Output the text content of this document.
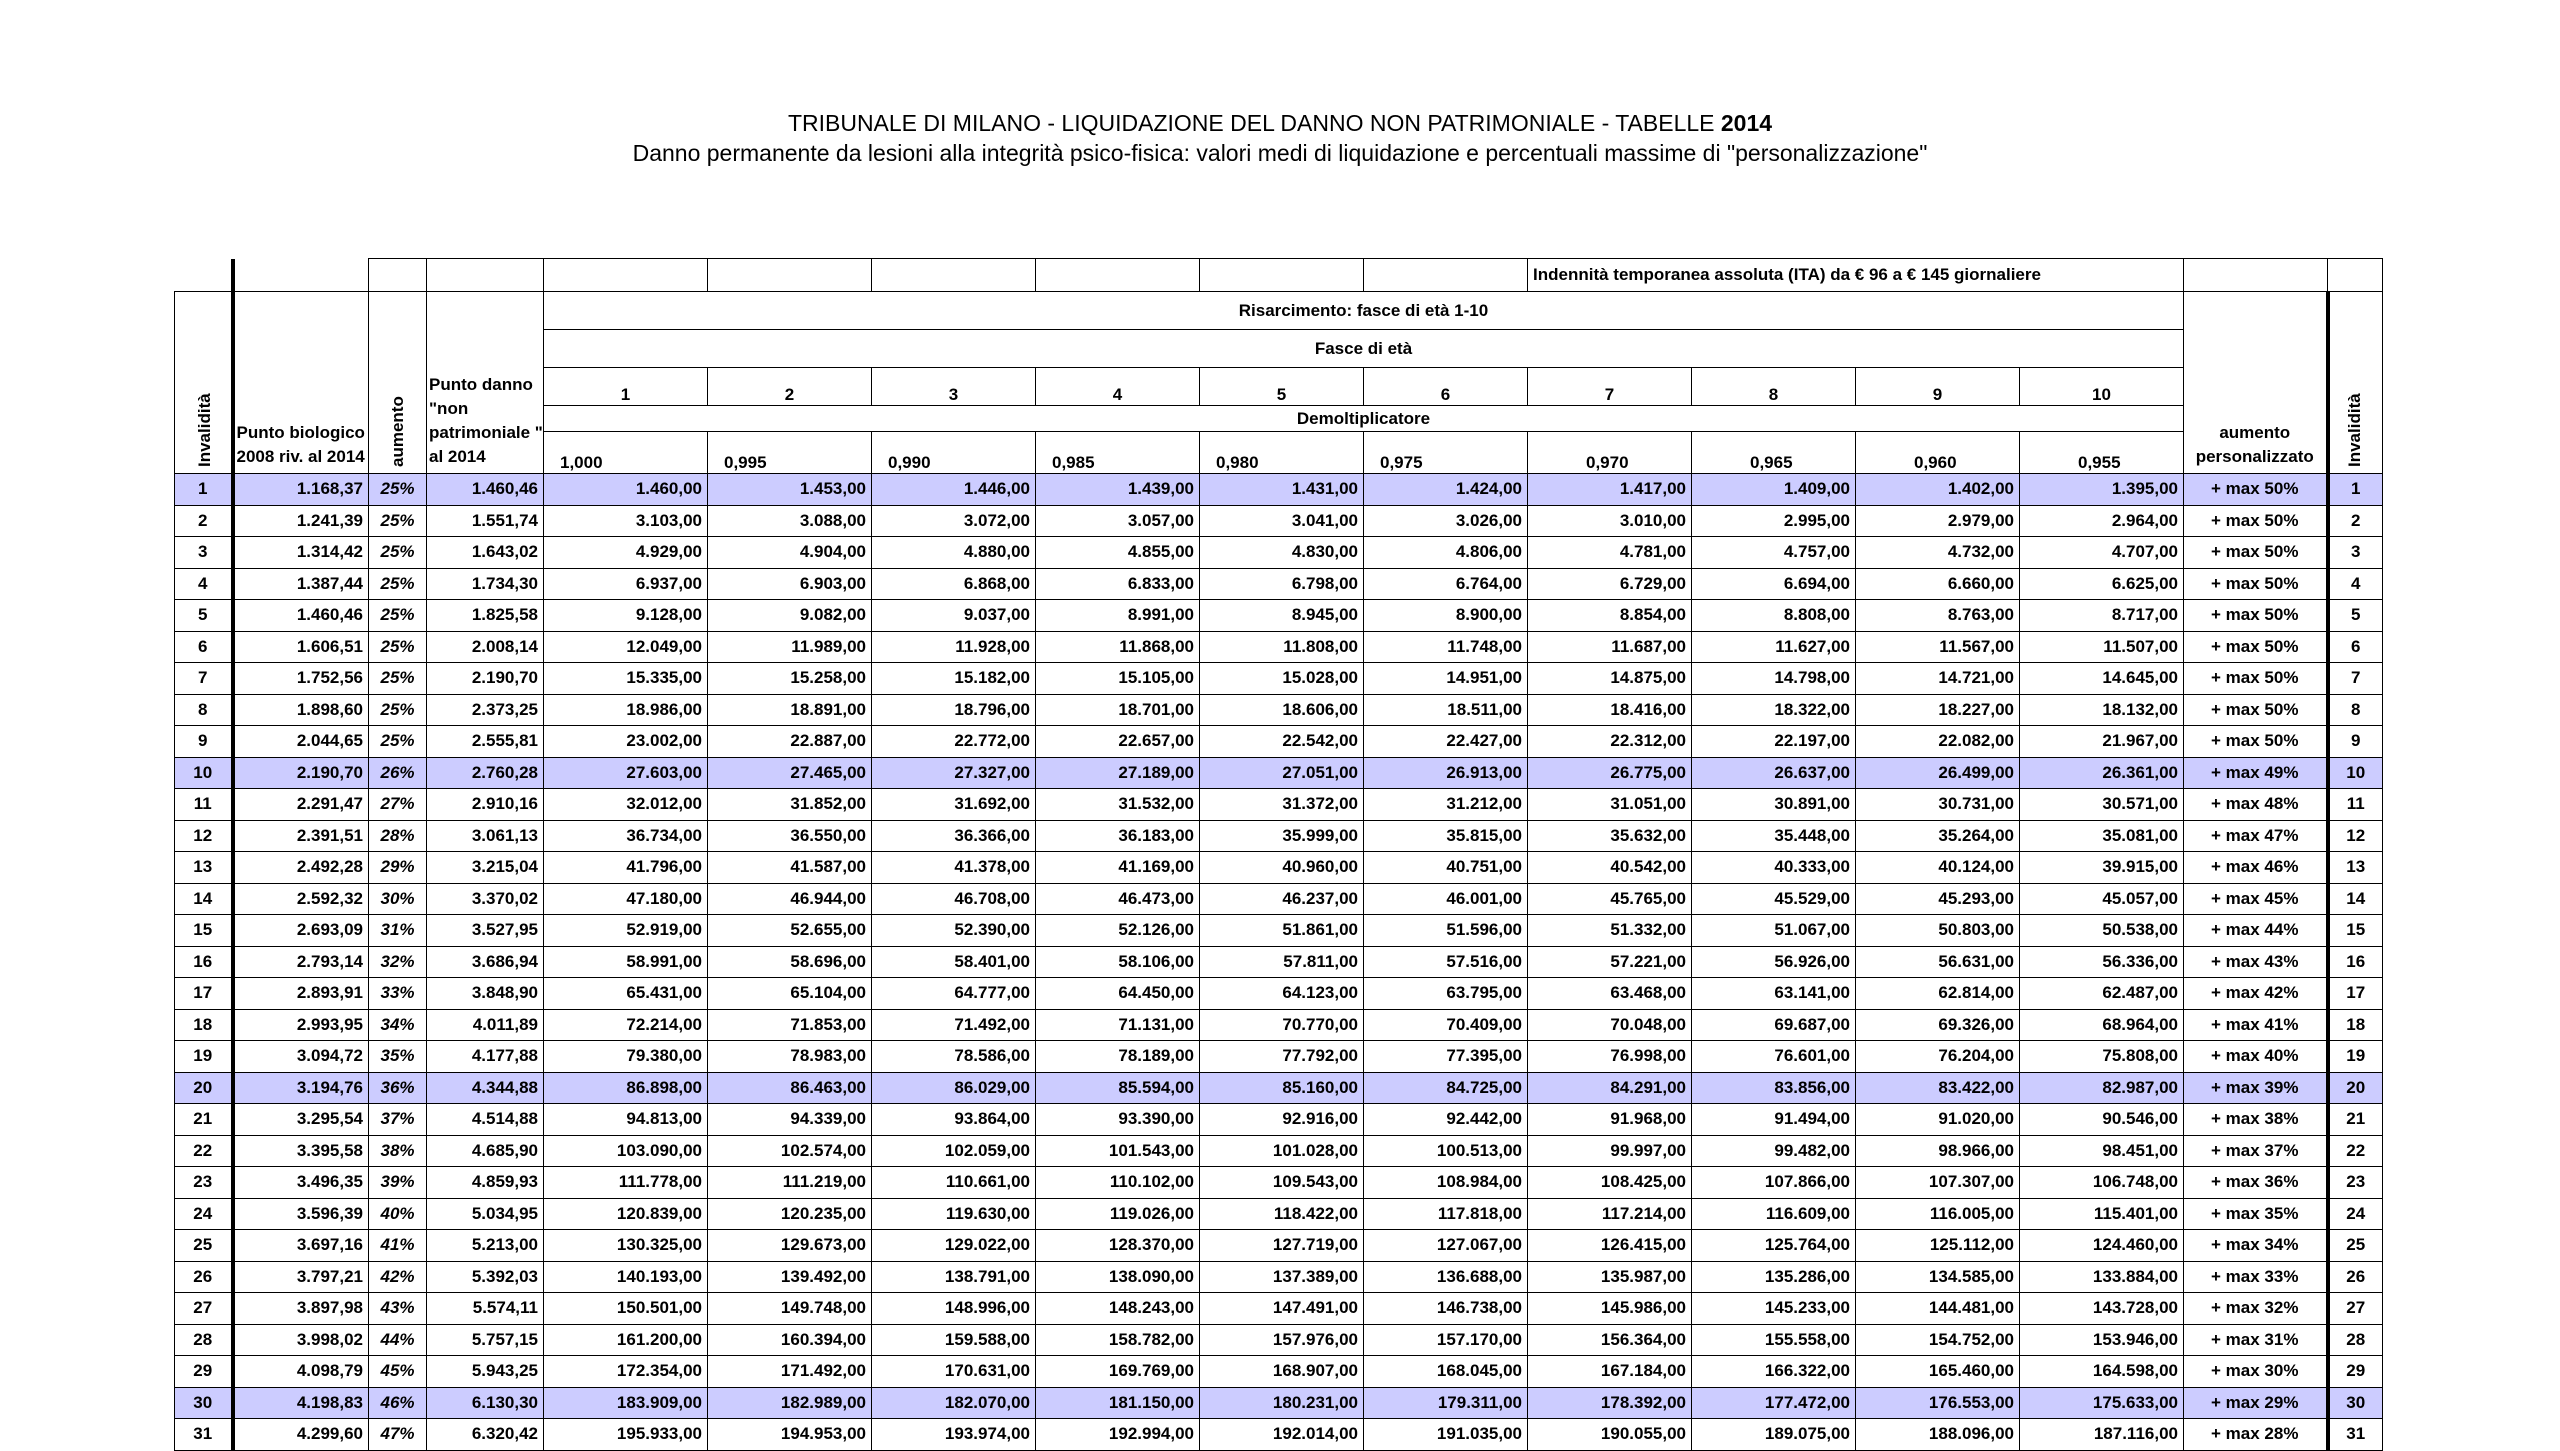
TRIBUNALE DI MILANO - LIQUIDAZIONE DEL DANNO NON PATRIMONIALE - TABELLE 2014
Danno permanente da lesioni alla integrità psico-fisica: valori medi di liquidazione e percentuali massime di "personalizzazione"
										Indennità temporanea assoluta (ITA) da € 96 a € 145 giornaliere					
Invalidità	Punto biologico 2008 riv. al 2014	aumento	Punto danno "non patrimoniale " al 2014	Risarcimento: fasce di età 1-10										aumento personalizzato	Invalidità
				Fasce di età											
				1	2	3	4	5	6	7	8	9	10		
				Demoltiplicatore											
				1,000	0,995	0,990	0,985	0,980	0,975	0,970	0,965	0,960	0,955		
1	1.168,37	25%	1.460,46	1.460,00	1.453,00	1.446,00	1.439,00	1.431,00	1.424,00	1.417,00	1.409,00	1.402,00	1.395,00	+ max 50%	1
2	1.241,39	25%	1.551,74	3.103,00	3.088,00	3.072,00	3.057,00	3.041,00	3.026,00	3.010,00	2.995,00	2.979,00	2.964,00	+ max 50%	2
3	1.314,42	25%	1.643,02	4.929,00	4.904,00	4.880,00	4.855,00	4.830,00	4.806,00	4.781,00	4.757,00	4.732,00	4.707,00	+ max 50%	3
4	1.387,44	25%	1.734,30	6.937,00	6.903,00	6.868,00	6.833,00	6.798,00	6.764,00	6.729,00	6.694,00	6.660,00	6.625,00	+ max 50%	4
5	1.460,46	25%	1.825,58	9.128,00	9.082,00	9.037,00	8.991,00	8.945,00	8.900,00	8.854,00	8.808,00	8.763,00	8.717,00	+ max 50%	5
6	1.606,51	25%	2.008,14	12.049,00	11.989,00	11.928,00	11.868,00	11.808,00	11.748,00	11.687,00	11.627,00	11.567,00	11.507,00	+ max 50%	6
7	1.752,56	25%	2.190,70	15.335,00	15.258,00	15.182,00	15.105,00	15.028,00	14.951,00	14.875,00	14.798,00	14.721,00	14.645,00	+ max 50%	7
8	1.898,60	25%	2.373,25	18.986,00	18.891,00	18.796,00	18.701,00	18.606,00	18.511,00	18.416,00	18.322,00	18.227,00	18.132,00	+ max 50%	8
9	2.044,65	25%	2.555,81	23.002,00	22.887,00	22.772,00	22.657,00	22.542,00	22.427,00	22.312,00	22.197,00	22.082,00	21.967,00	+ max 50%	9
10	2.190,70	26%	2.760,28	27.603,00	27.465,00	27.327,00	27.189,00	27.051,00	26.913,00	26.775,00	26.637,00	26.499,00	26.361,00	+ max 49%	10
11	2.291,47	27%	2.910,16	32.012,00	31.852,00	31.692,00	31.532,00	31.372,00	31.212,00	31.051,00	30.891,00	30.731,00	30.571,00	+ max 48%	11
12	2.391,51	28%	3.061,13	36.734,00	36.550,00	36.366,00	36.183,00	35.999,00	35.815,00	35.632,00	35.448,00	35.264,00	35.081,00	+ max 47%	12
13	2.492,28	29%	3.215,04	41.796,00	41.587,00	41.378,00	41.169,00	40.960,00	40.751,00	40.542,00	40.333,00	40.124,00	39.915,00	+ max 46%	13
14	2.592,32	30%	3.370,02	47.180,00	46.944,00	46.708,00	46.473,00	46.237,00	46.001,00	45.765,00	45.529,00	45.293,00	45.057,00	+ max 45%	14
15	2.693,09	31%	3.527,95	52.919,00	52.655,00	52.390,00	52.126,00	51.861,00	51.596,00	51.332,00	51.067,00	50.803,00	50.538,00	+ max 44%	15
16	2.793,14	32%	3.686,94	58.991,00	58.696,00	58.401,00	58.106,00	57.811,00	57.516,00	57.221,00	56.926,00	56.631,00	56.336,00	+ max 43%	16
17	2.893,91	33%	3.848,90	65.431,00	65.104,00	64.777,00	64.450,00	64.123,00	63.795,00	63.468,00	63.141,00	62.814,00	62.487,00	+ max 42%	17
18	2.993,95	34%	4.011,89	72.214,00	71.853,00	71.492,00	71.131,00	70.770,00	70.409,00	70.048,00	69.687,00	69.326,00	68.964,00	+ max 41%	18
19	3.094,72	35%	4.177,88	79.380,00	78.983,00	78.586,00	78.189,00	77.792,00	77.395,00	76.998,00	76.601,00	76.204,00	75.808,00	+ max 40%	19
20	3.194,76	36%	4.344,88	86.898,00	86.463,00	86.029,00	85.594,00	85.160,00	84.725,00	84.291,00	83.856,00	83.422,00	82.987,00	+ max 39%	20
21	3.295,54	37%	4.514,88	94.813,00	94.339,00	93.864,00	93.390,00	92.916,00	92.442,00	91.968,00	91.494,00	91.020,00	90.546,00	+ max 38%	21
22	3.395,58	38%	4.685,90	103.090,00	102.574,00	102.059,00	101.543,00	101.028,00	100.513,00	99.997,00	99.482,00	98.966,00	98.451,00	+ max 37%	22
23	3.496,35	39%	4.859,93	111.778,00	111.219,00	110.661,00	110.102,00	109.543,00	108.984,00	108.425,00	107.866,00	107.307,00	106.748,00	+ max 36%	23
24	3.596,39	40%	5.034,95	120.839,00	120.235,00	119.630,00	119.026,00	118.422,00	117.818,00	117.214,00	116.609,00	116.005,00	115.401,00	+ max 35%	24
25	3.697,16	41%	5.213,00	130.325,00	129.673,00	129.022,00	128.370,00	127.719,00	127.067,00	126.415,00	125.764,00	125.112,00	124.460,00	+ max 34%	25
26	3.797,21	42%	5.392,03	140.193,00	139.492,00	138.791,00	138.090,00	137.389,00	136.688,00	135.987,00	135.286,00	134.585,00	133.884,00	+ max 33%	26
27	3.897,98	43%	5.574,11	150.501,00	149.748,00	148.996,00	148.243,00	147.491,00	146.738,00	145.986,00	145.233,00	144.481,00	143.728,00	+ max 32%	27
28	3.998,02	44%	5.757,15	161.200,00	160.394,00	159.588,00	158.782,00	157.976,00	157.170,00	156.364,00	155.558,00	154.752,00	153.946,00	+ max 31%	28
29	4.098,79	45%	5.943,25	172.354,00	171.492,00	170.631,00	169.769,00	168.907,00	168.045,00	167.184,00	166.322,00	165.460,00	164.598,00	+ max 30%	29
30	4.198,83	46%	6.130,30	183.909,00	182.989,00	182.070,00	181.150,00	180.231,00	179.311,00	178.392,00	177.472,00	176.553,00	175.633,00	+ max 29%	30
31	4.299,60	47%	6.320,42	195.933,00	194.953,00	193.974,00	192.994,00	192.014,00	191.035,00	190.055,00	189.075,00	188.096,00	187.116,00	+ max 28%	31
